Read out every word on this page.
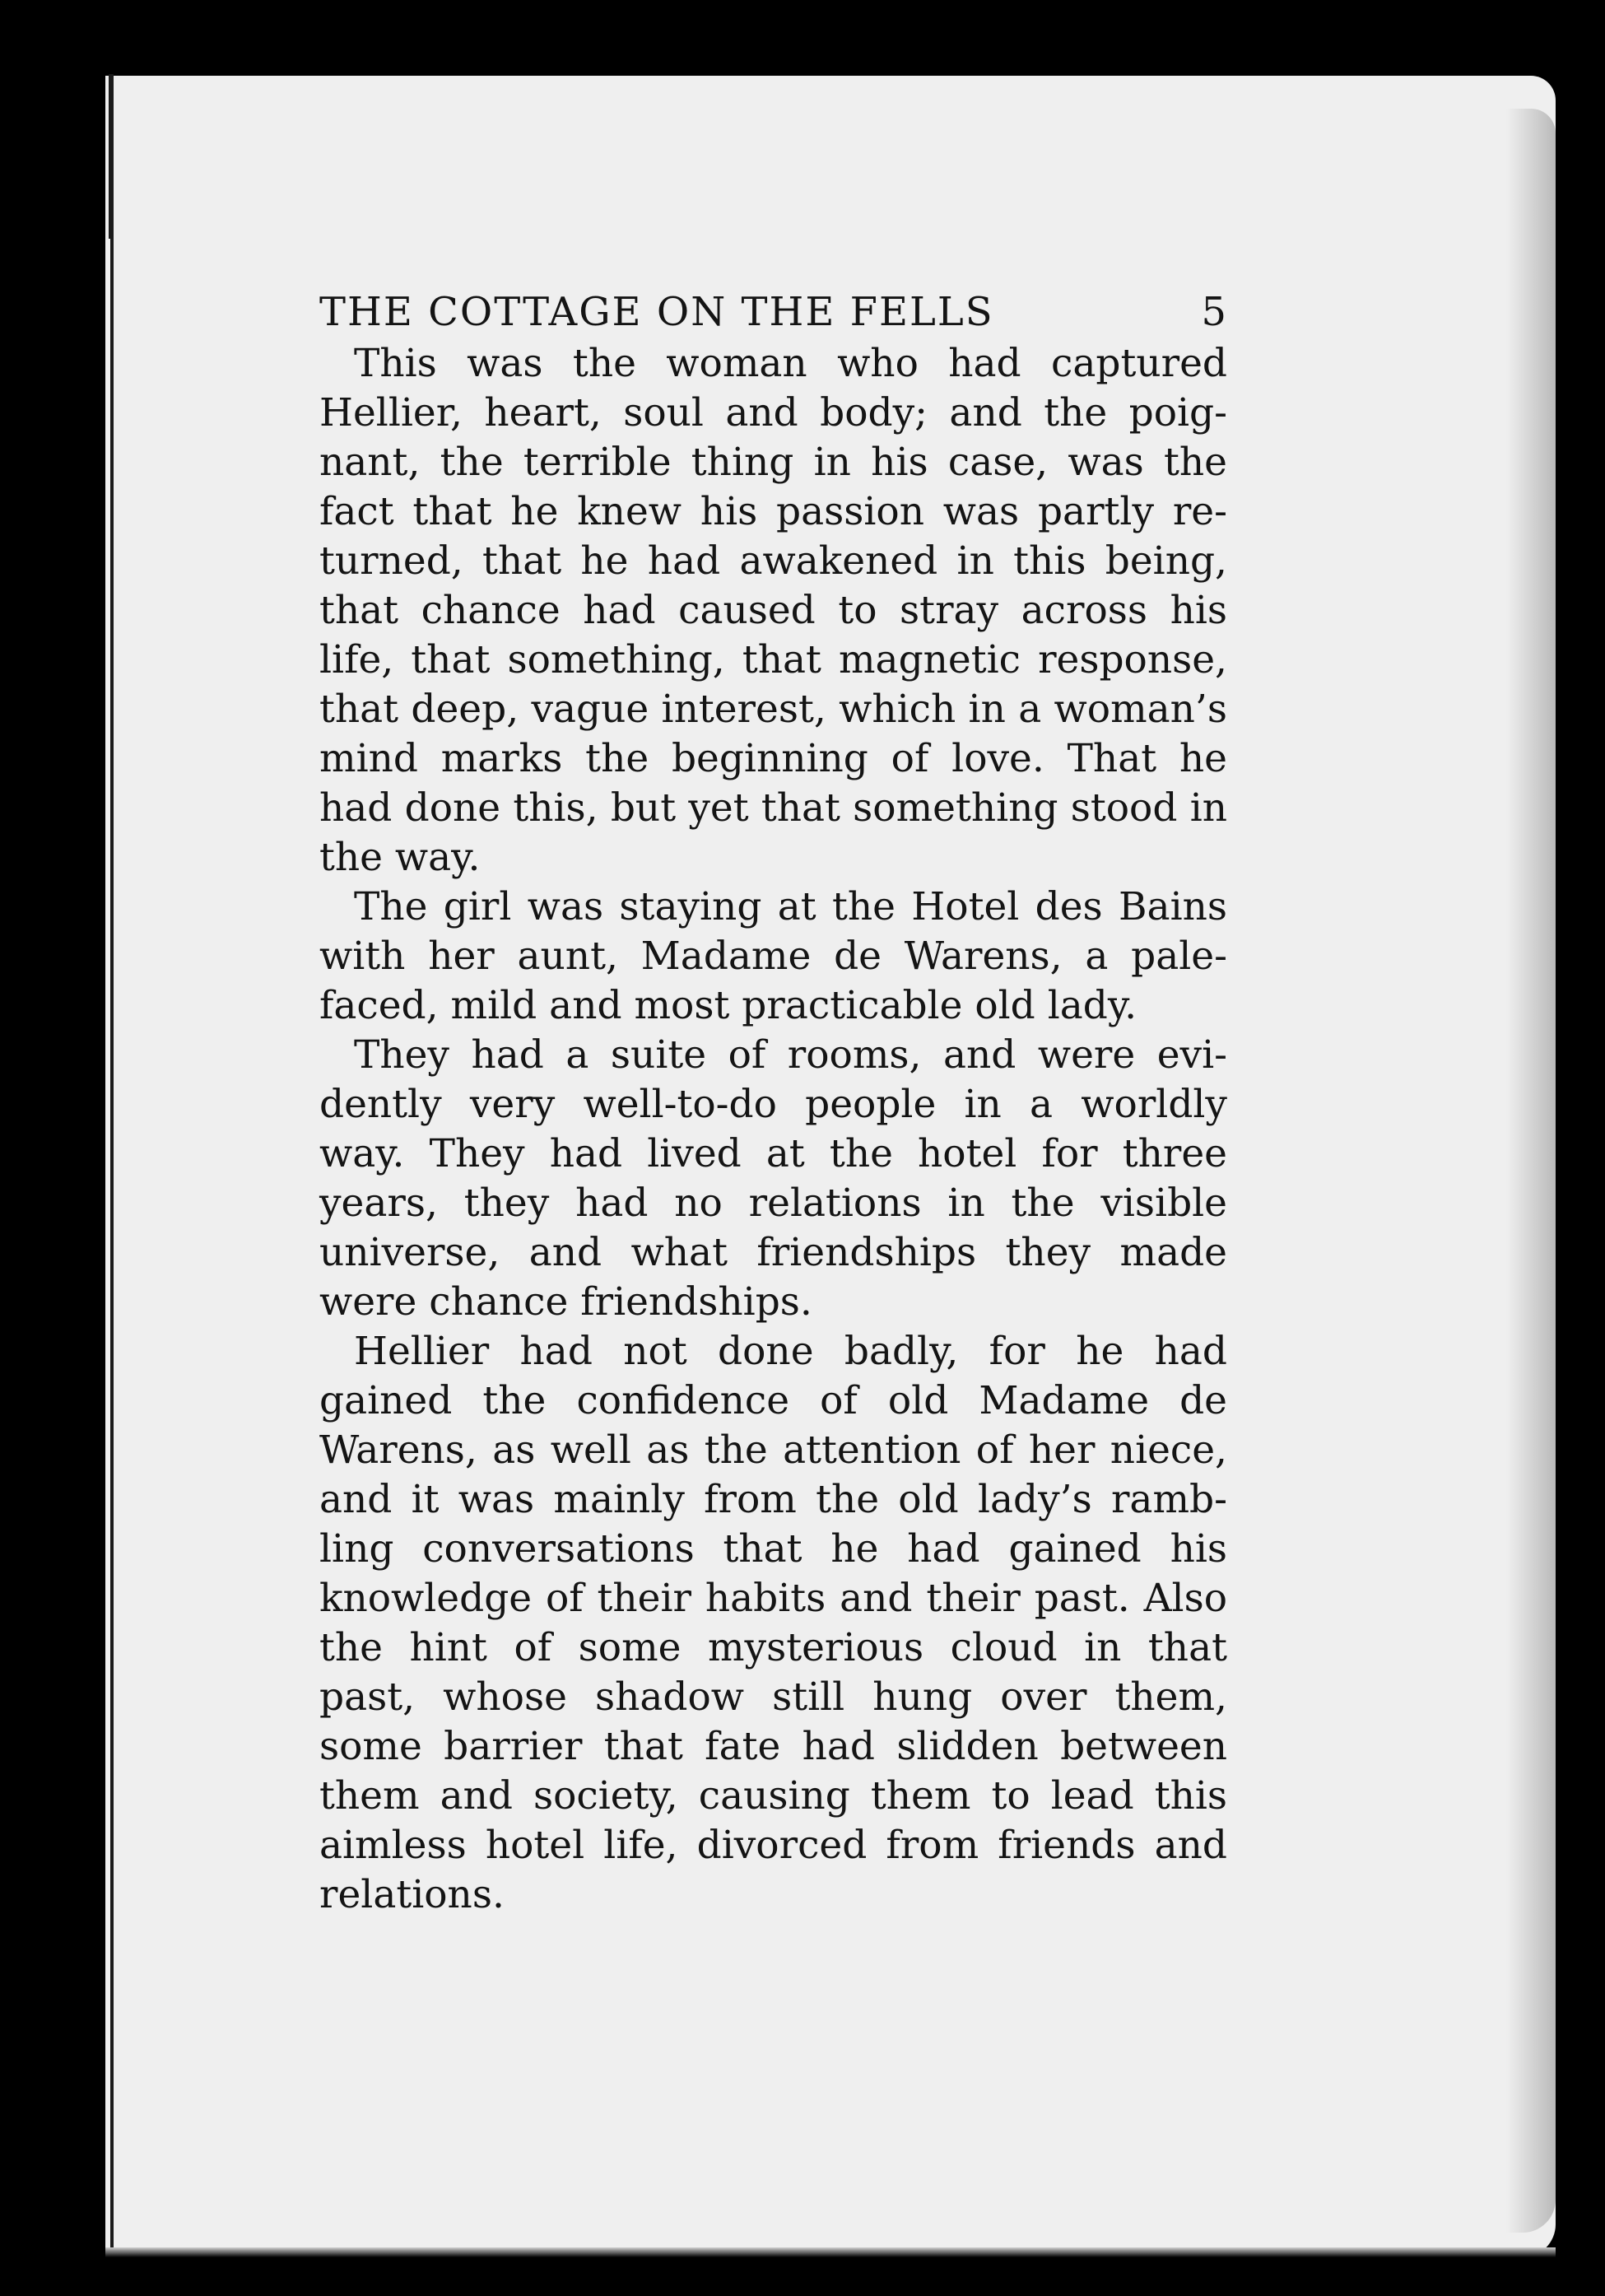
THE COTTAGE ON THE FELLS	5

This was the woman who had captured Hellier, heart, soul and body; and the poig-nant, the terrible thing in his case, was the fact that he knew his passion was partly re-turned, that he had awakened in this being, that chance had caused to stray across his life, that something, that magnetic response, that deep, vague interest, which in a woman’s mind marks the beginning of love. That he had done this, but yet that something stood in the way.

The girl was staying at the Hotel des Bains with her aunt, Madame de Warens, a pale-faced, mild and most practicable old lady.

They had a suite of rooms, and were evi-dently very well-to-do people in a worldly way. They had lived at the hotel for three years, they had no relations in the visible universe, and what friendships they made were chance friendships.

Hellier had not done badly, for he had gained the confidence of old Madame de Warens, as well as the attention of her niece, and it was mainly from the old lady’s ramb-ling conversations that he had gained his knowledge of their habits and their past. Also the hint of some mysterious cloud in that past, whose shadow still hung over them, some barrier that fate had slidden between them and society, causing them to lead this aimless hotel life, divorced from friends and relations.
